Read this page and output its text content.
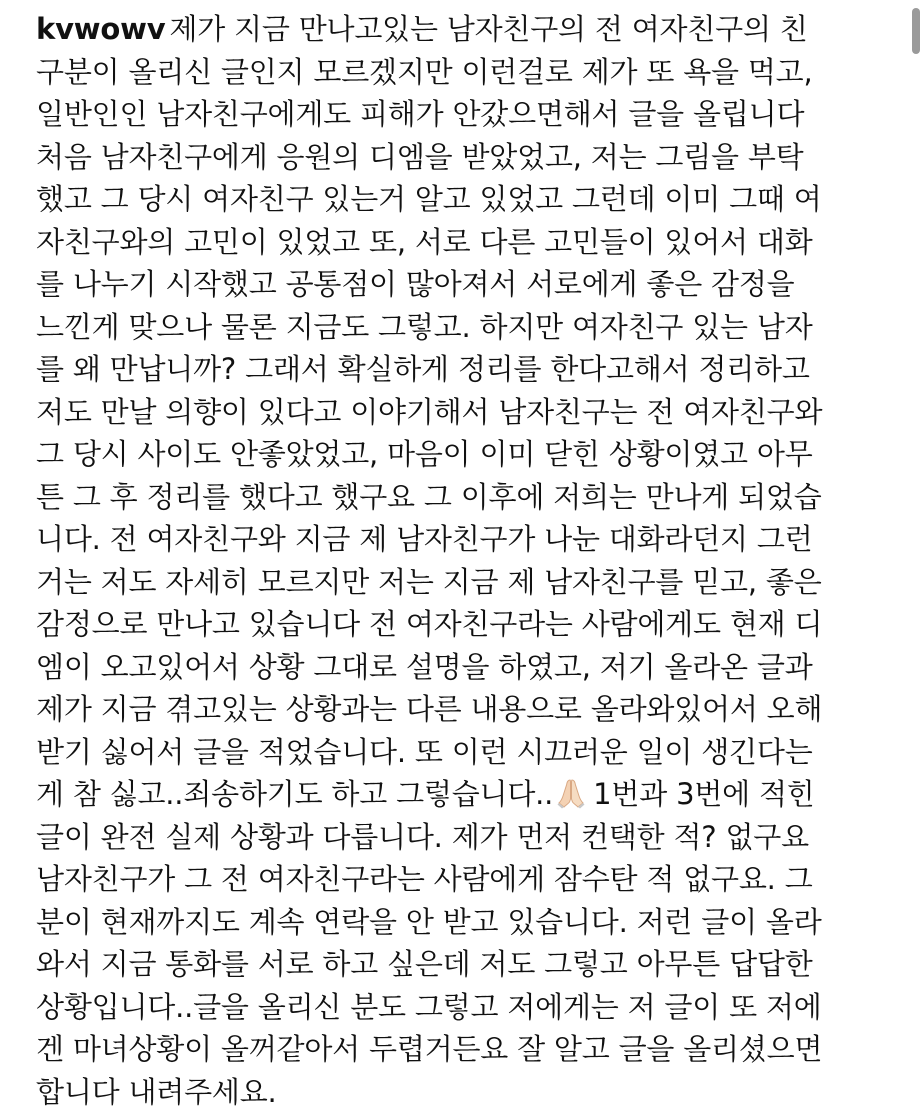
kvwowv 제가 지금 만나고있는 남자친구의 전 여자친구의 친
구분이 올리신 글인지 모르겠지만 이런걸로 제가 또 욕을 먹고,
일반인인 남자친구에게도 피해가 안갔으면해서 글을 올립니다
처음 남자친구에게 응원의 디엠을 받았었고, 저는 그림을 부탁
했고 그 당시 여자친구 있는거 알고 있었고 그런데 이미 그때 여
자친구와의 고민이 있었고 또, 서로 다른 고민들이 있어서 대화
를 나누기 시작했고 공통점이 많아져서 서로에게 좋은 감정을
느낀게 맞으나 물론 지금도 그렇고. 하지만 여자친구 있는 남자
를 왜 만납니까? 그래서 확실하게 정리를 한다고해서 정리하고
저도 만날 의향이 있다고 이야기해서 남자친구는 전 여자친구와
그 당시 사이도 안좋았었고, 마음이 이미 닫힌 상황이였고 아무
튼 그 후 정리를 했다고 했구요 그 이후에 저희는 만나게 되었습
니다. 전 여자친구와 지금 제 남자친구가 나눈 대화라던지 그런
거는 저도 자세히 모르지만 저는 지금 제 남자친구를 믿고, 좋은
감정으로 만나고 있습니다 전 여자친구라는 사람에게도 현재 디
엠이 오고있어서 상황 그대로 설명을 하였고, 저기 올라온 글과
제가 지금 겪고있는 상황과는 다른 내용으로 올라와있어서 오해
받기 싫어서 글을 적었습니다. 또 이런 시끄러운 일이 생긴다는
게 참 싫고..죄송하기도 하고 그렇습니다.. 1번과 3번에 적힌
글이 완전 실제 상황과 다릅니다. 제가 먼저 컨택한 적? 없구요
남자친구가 그 전 여자친구라는 사람에게 잠수탄 적 없구요. 그
분이 현재까지도 계속 연락을 안 받고 있습니다. 저런 글이 올라
와서 지금 통화를 서로 하고 싶은데 저도 그렇고 아무튼 답답한
상황입니다..글을 올리신 분도 그렇고 저에게는 저 글이 또 저에
겐 마녀상황이 올꺼같아서 두렵거든요 잘 알고 글을 올리셨으면
합니다 내려주세요.
